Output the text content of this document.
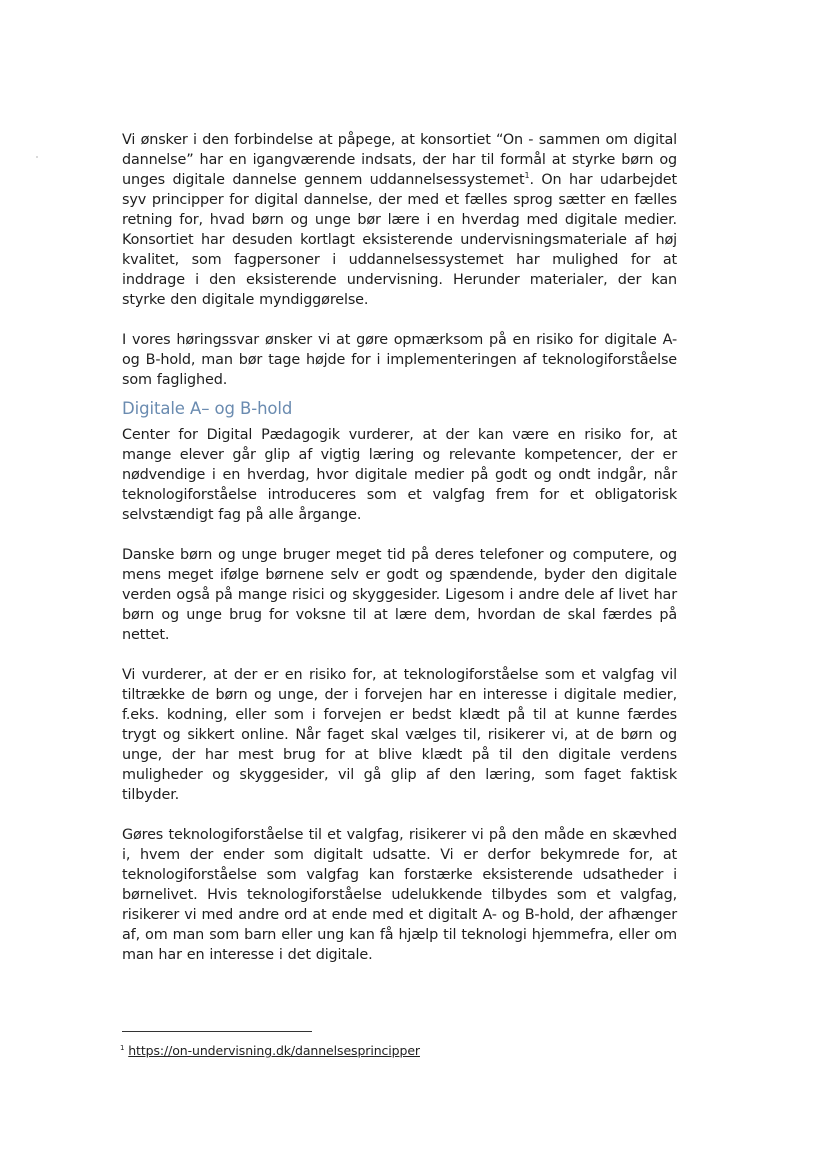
Vi ønsker i den forbindelse at påpege, at konsortiet “On - sammen om digital dannelse” har en igangværende indsats, der har til formål at styrke børn og unges digitale dannelse gennem uddannelsessystemet$^1$. On har udarbejdet syv principper for digital dannelse, der med et fælles sprog sætter en fælles retning for, hvad børn og unge bør lære i en hverdag med digitale medier. Konsortiet har desuden kortlagt eksisterende undervisningsmateriale af høj kvalitet, som fagpersoner i uddannelsessystemet har mulighed for at inddrage i den eksisterende undervisning. Herunder materialer, der kan styrke den digitale myndiggørelse.

I vores høringssvar ønsker vi at gøre opmærksom på en risiko for digitale A- og B-hold, man bør tage højde for i implementeringen af teknologiforståelse som faglighed.

Digitale A– og B-hold

Center for Digital Pædagogik vurderer, at der kan være en risiko for, at mange elever går glip af vigtig læring og relevante kompetencer, der er nødvendige i en hverdag, hvor digitale medier på godt og ondt indgår, når teknologiforståelse introduceres som et valgfag frem for et obligatorisk selvstændigt fag på alle årgange.

Danske børn og unge bruger meget tid på deres telefoner og computere, og mens meget ifølge børnene selv er godt og spændende, byder den digitale verden også på mange risici og skyggesider. Ligesom i andre dele af livet har børn og unge brug for voksne til at lære dem, hvordan de skal færdes på nettet.

Vi vurderer, at der er en risiko for, at teknologiforståelse som et valgfag vil tiltrække de børn og unge, der i forvejen har en interesse i digitale medier, f.eks. kodning, eller som i forvejen er bedst klædt på til at kunne færdes trygt og sikkert online. Når faget skal vælges til, risikerer vi, at de børn og unge, der har mest brug for at blive klædt på til den digitale verdens muligheder og skyggesider, vil gå glip af den læring, som faget faktisk tilbyder.

Gøres teknologiforståelse til et valgfag, risikerer vi på den måde en skævhed i, hvem der ender som digitalt udsatte. Vi er derfor bekymrede for, at teknologiforståelse som valgfag kan forstærke eksisterende udsatheder i børnelivet. Hvis teknologiforståelse udelukkende tilbydes som et valgfag, risikerer vi med andre ord at ende med et digitalt A- og B-hold, der afhænger af, om man som barn eller ung kan få hjælp til teknologi hjemmefra, eller om man har en interesse i det digitale.

$^1$ https://on-undervisning.dk/dannelsesprincipper
